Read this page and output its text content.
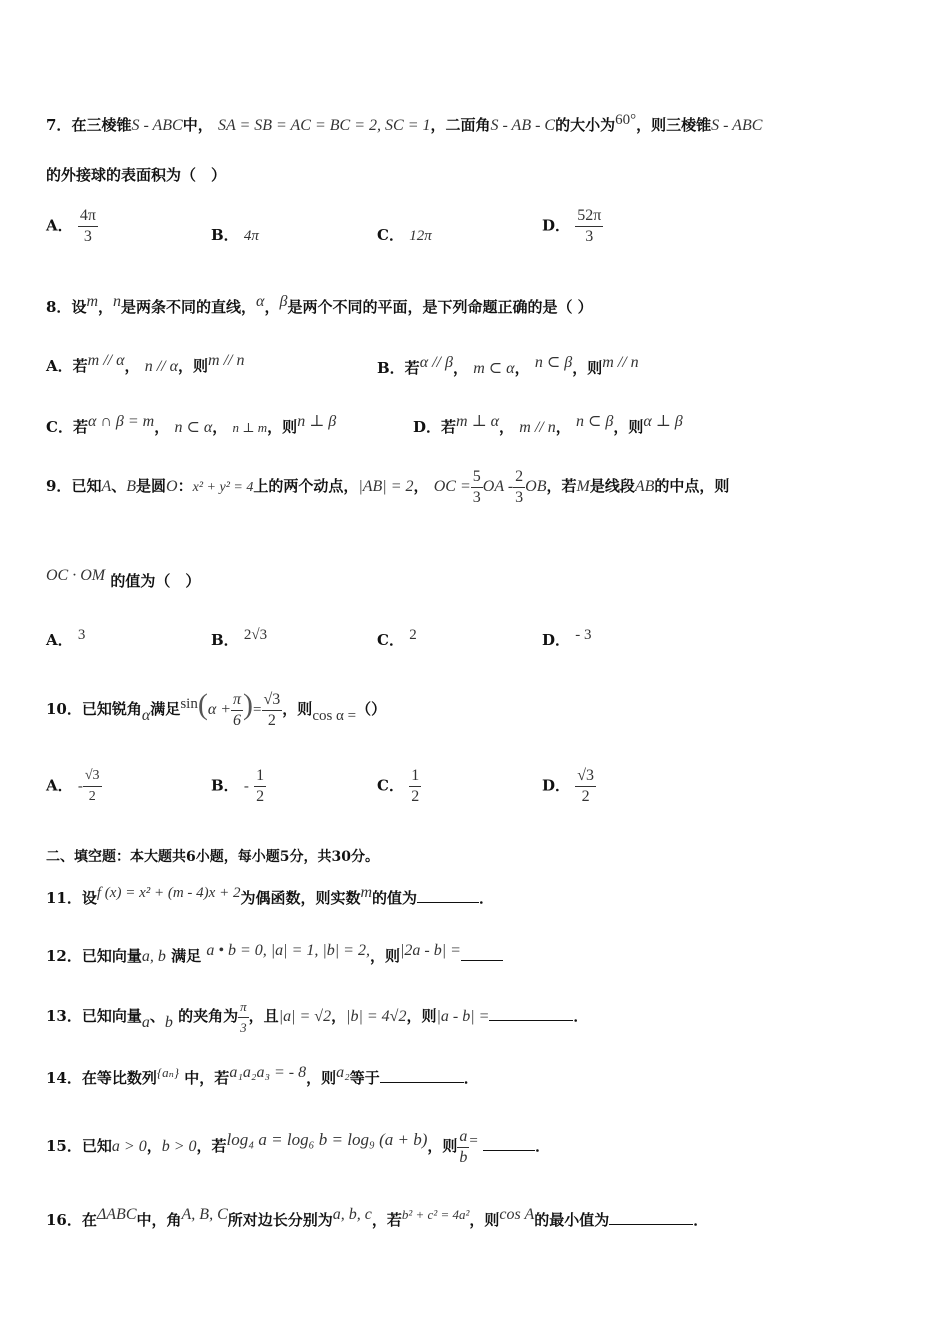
7．在三棱锥S - ABC中， SA = SB = AC = BC = 2, SC = 1，二面角S - AB - C的大小为60°，则三棱锥S - ABC
的外接球的表面积为（　）
A． $\frac{4\pi}{3}$	B． 4π	C． 12π
D． $\frac{52\pi}{3}$
8．设m，n是两条不同的直线，α，β是两个不同的平面，是下列命题正确的是（ ）
A．若m // α， n // α，则m // n	B．若α // β， m ⊂ α， n ⊂ β，则m // n
C．若α ∩ β = m， n ⊂ α， n ⊥ m，则n ⊥ β	D．若m ⊥ α， m // n， n ⊂ β，则α ⊥ β
9．已知A、B是圆O：x² + y² = 4上的两个动点，|AB| = 2， OC = $\frac{5}{3}$ OA - $\frac{2}{3}$ OB，若M是线段AB的中点，则
OC · OM 的值为（　）
A． 3	B． 2√3	C． 2	D． - 3
10．已知锐角α满足$\sin(\alpha + \frac{\pi}{6}$ )= $\frac{√3}{2}$ ，则cos α =（）
A． - $\frac{√3}{2}$	B． - $\frac{1}{2}$	C． $\frac{1}{2}$	D． $\frac{√3}{2}$
二、填空题：本大题共6小题，每小题5分，共30分。
11．设f (x) = x² + (m - 4)x + 2为偶函数，则实数m的值为	．
12．已知向量a, b 满足 a • b = 0, |a| = 1, |b| = 2,，则|2a - b| =
13．已知向量a、b 的夹角为 $\frac{\pi}{3}$ ，且|a| = √2，|b| = 4√2，则|a - b| =	．
14．在等比数列{aₙ} 中，若a₁a₂a₃ = - 8，则a₂等于	．
15．已知a > 0，b > 0，若log₄ a = log₆ b = log₉ (a + b)，则 $\frac{a}{b}$ =	．
16．在ΔABC中，角A, B, C所对边长分别为a, b, c，若b² + c² = 4a²，则cos A的最小值为	．
